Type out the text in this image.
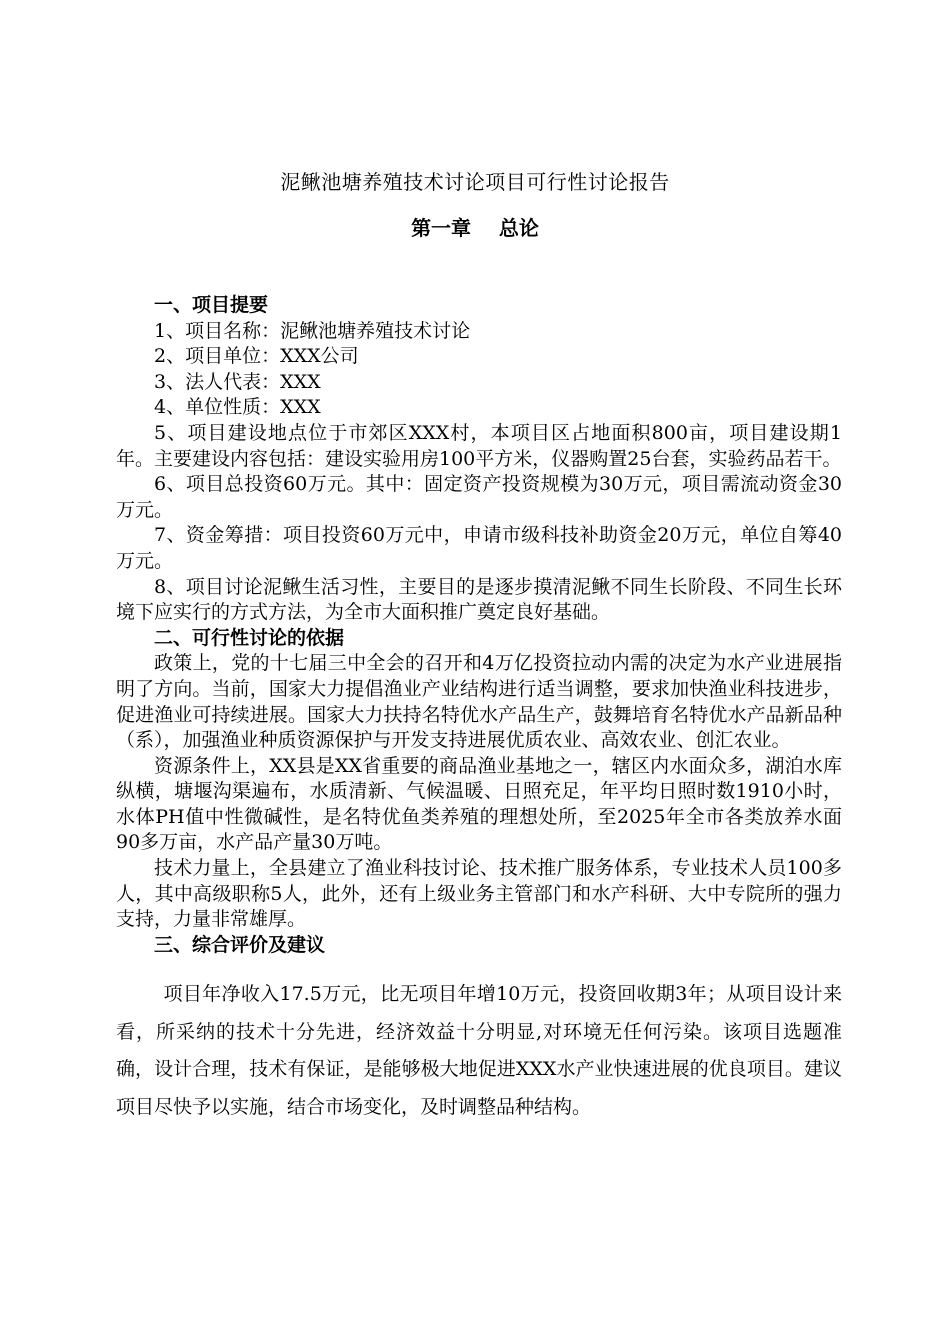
泥鳅池塘养殖技术讨论项目可行性讨论报告
第一章    总论

一、项目提要

1、项目名称：泥鳅池塘养殖技术讨论

2、项目单位：XXX公司

3、法人代表：XXX

4、单位性质：XXX

5、项目建设地点位于市郊区XXX村，本项目区占地面积800亩，项目建设期1年。主要建设内容包括：建设实验用房100平方米，仪器购置25台套，实验药品若干。

6、项目总投资60万元。其中：固定资产投资规模为30万元，项目需流动资金30万元。

7、资金筹措：项目投资60万元中，申请市级科技补助资金20万元，单位自筹40万元。

8、项目讨论泥鳅生活习性，主要目的是逐步摸清泥鳅不同生长阶段、不同生长环境下应实行的方式方法，为全市大面积推广奠定良好基础。

二、可行性讨论的依据

政策上，党的十七届三中全会的召开和4万亿投资拉动内需的决定为水产业进展指明了方向。当前，国家大力提倡渔业产业结构进行适当调整，要求加快渔业科技进步，促进渔业可持续进展。国家大力扶持名特优水产品生产，鼓舞培育名特优水产品新品种（系），加强渔业种质资源保护与开发支持进展优质农业、高效农业、创汇农业。

资源条件上，XX县是XX省重要的商品渔业基地之一，辖区内水面众多，湖泊水库纵横，塘堰沟渠遍布，水质清新、气候温暖、日照充足，年平均日照时数1910小时，水体PH值中性微碱性，是名特优鱼类养殖的理想处所，至2025年全市各类放养水面90多万亩，水产品产量30万吨。

技术力量上，全县建立了渔业科技讨论、技术推广服务体系，专业技术人员100多人，其中高级职称5人，此外，还有上级业务主管部门和水产科研、大中专院所的强力支持，力量非常雄厚。

三、综合评价及建议

项目年净收入17.5万元，比无项目年增10万元，投资回收期3年；从项目设计来看，所采纳的技术十分先进，经济效益十分明显,对环境无任何污染。该项目选题准确，设计合理，技术有保证，是能够极大地促进XXX水产业快速进展的优良项目。建议项目尽快予以实施，结合市场变化，及时调整品种结构。
